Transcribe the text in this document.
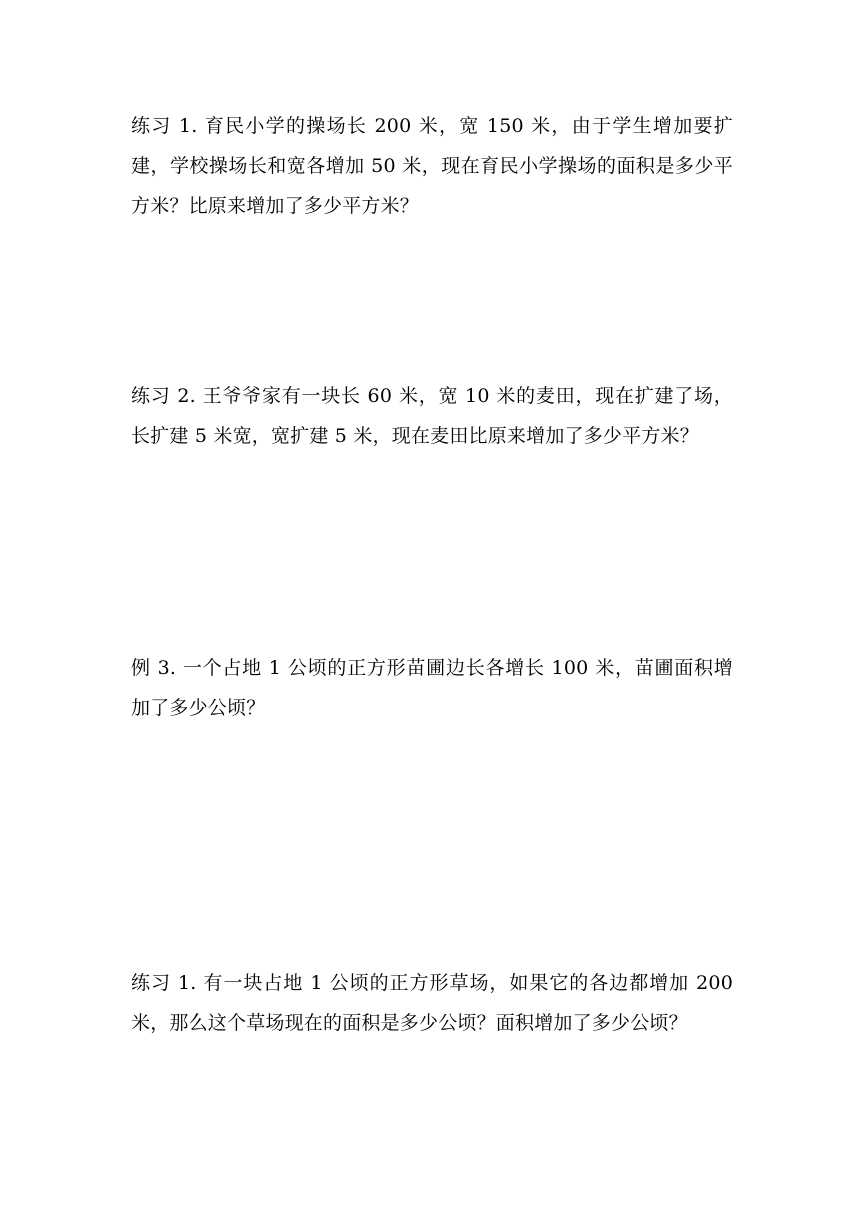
练习 1. 育民小学的操场长 200 米，宽 150 米，由于学生增加要扩建，学校操场长和宽各增加 50 米，现在育民小学操场的面积是多少平方米？比原来增加了多少平方米？

练习 2. 王爷爷家有一块长 60 米，宽 10 米的麦田，现在扩建了场，长扩建 5 米宽，宽扩建 5 米，现在麦田比原来增加了多少平方米？

例 3. 一个占地 1 公顷的正方形苗圃边长各增长 100 米，苗圃面积增加了多少公顷？

练习 1. 有一块占地 1 公顷的正方形草场，如果它的各边都增加 200 米，那么这个草场现在的面积是多少公顷？面积增加了多少公顷？
